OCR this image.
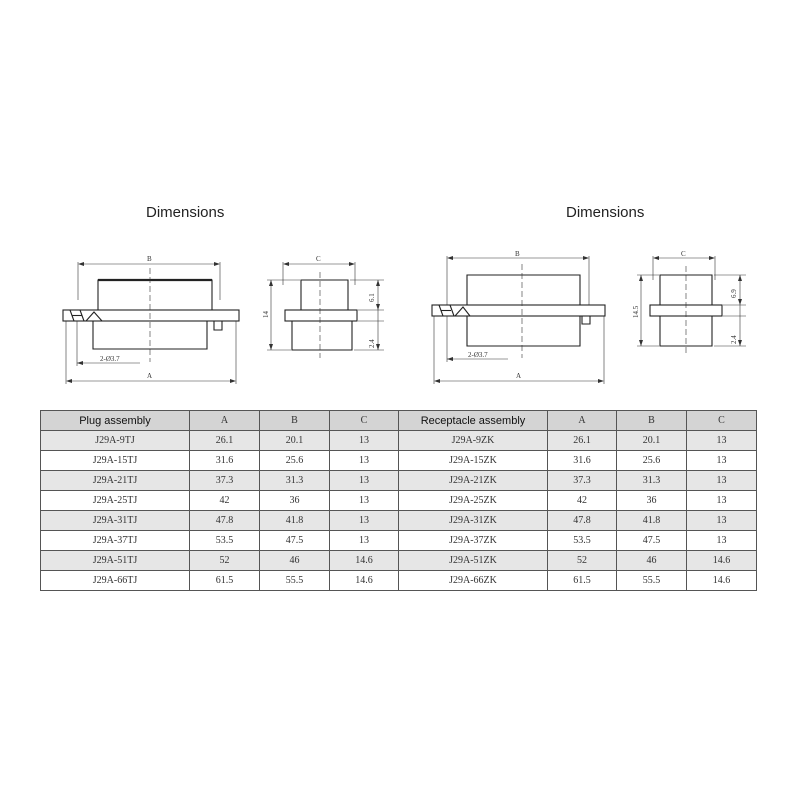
Dimensions	Dimensions
B
A
2-Ø3.7
C
14
6.1
2.4
B
A
2-Ø3.7
C
14.5
6.9
2.4
Plug assembly	A	B	C	Receptacle assembly	A	B	C
J29A-9TJ	26.1	20.1	13	J29A-9ZK	26.1	20.1	13
J29A-15TJ	31.6	25.6	13	J29A-15ZK	31.6	25.6	13
J29A-21TJ	37.3	31.3	13	J29A-21ZK	37.3	31.3	13
J29A-25TJ	42	36	13	J29A-25ZK	42	36	13
J29A-31TJ	47.8	41.8	13	J29A-31ZK	47.8	41.8	13
J29A-37TJ	53.5	47.5	13	J29A-37ZK	53.5	47.5	13
J29A-51TJ	52	46	14.6	J29A-51ZK	52	46	14.6
J29A-66TJ	61.5	55.5	14.6	J29A-66ZK	61.5	55.5	14.6
